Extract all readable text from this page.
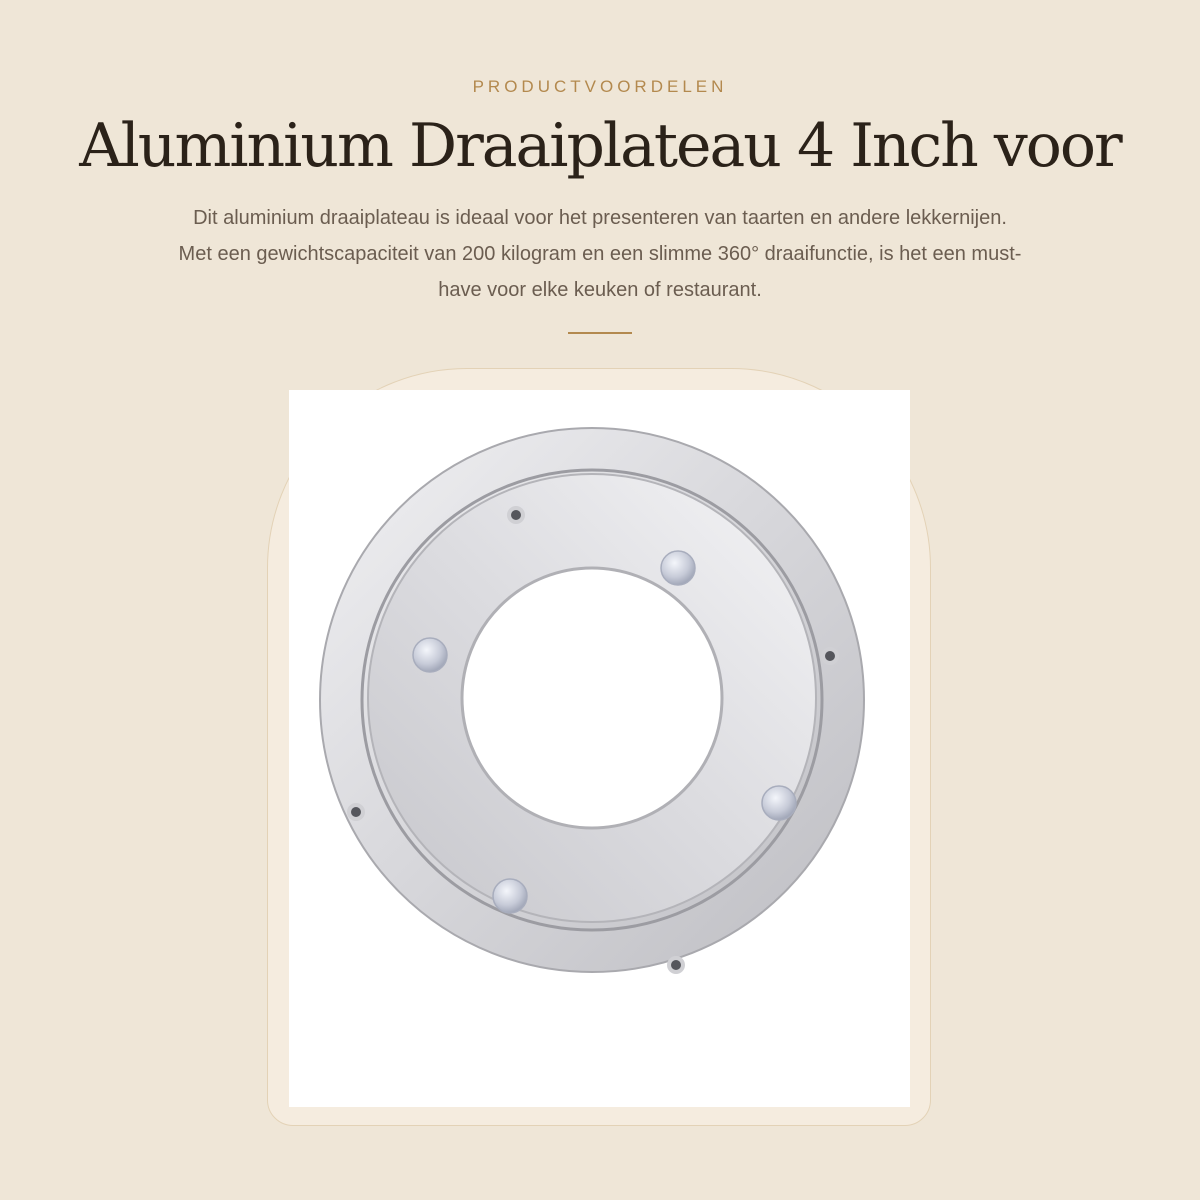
PRODUCTVOORDELEN
Aluminium Draaiplateau 4 Inch voor

Dit aluminium draaiplateau is ideaal voor het presenteren van taarten en andere lekkernijen. Met een gewichtscapaciteit van 200 kilogram en een slimme 360° draaifunctie, is het een must-have voor elke keuken of restaurant.
